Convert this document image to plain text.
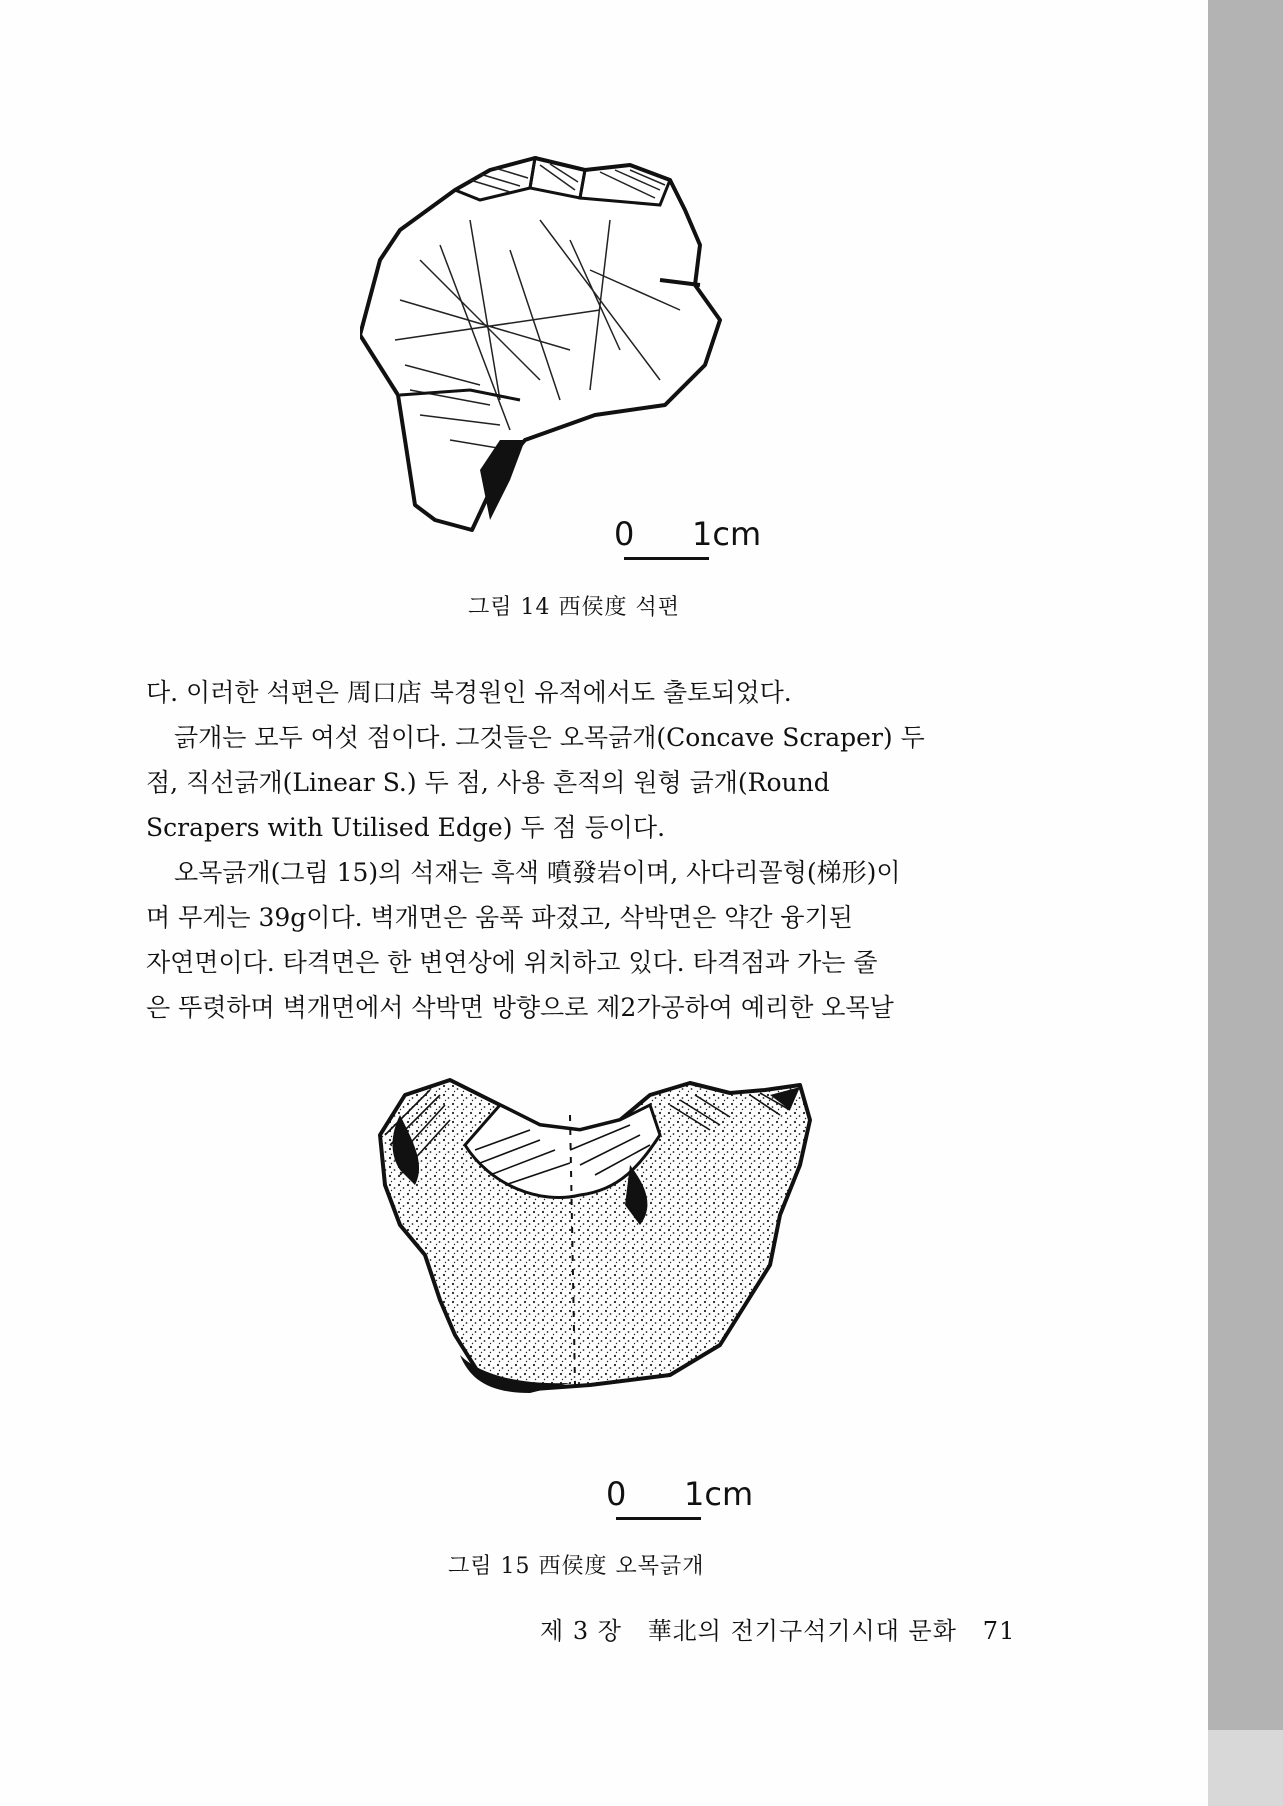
0 1cm
그림 14 西侯度 석편

다. 이러한 석편은 周口店 북경원인 유적에서도 출토되었다.

긁개는 모두 여섯 점이다. 그것들은 오목긁개(Concave Scraper) 두

점, 직선긁개(Linear S.) 두 점, 사용 흔적의 원형 긁개(Round

Scrapers with Utilised Edge) 두 점 등이다.

오목긁개(그림 15)의 석재는 흑색 噴發岩이며, 사다리꼴형(梯形)이

며 무게는 39g이다. 벽개면은 움푹 파졌고, 삭박면은 약간 융기된

자연면이다. 타격면은 한 변연상에 위치하고 있다. 타격점과 가는 줄

은 뚜렷하며 벽개면에서 삭박면 방향으로 제2가공하여 예리한 오목날

0 1cm
그림 15 西侯度 오목긁개
제 3 장 華北의 전기구석기시대 문화 71
